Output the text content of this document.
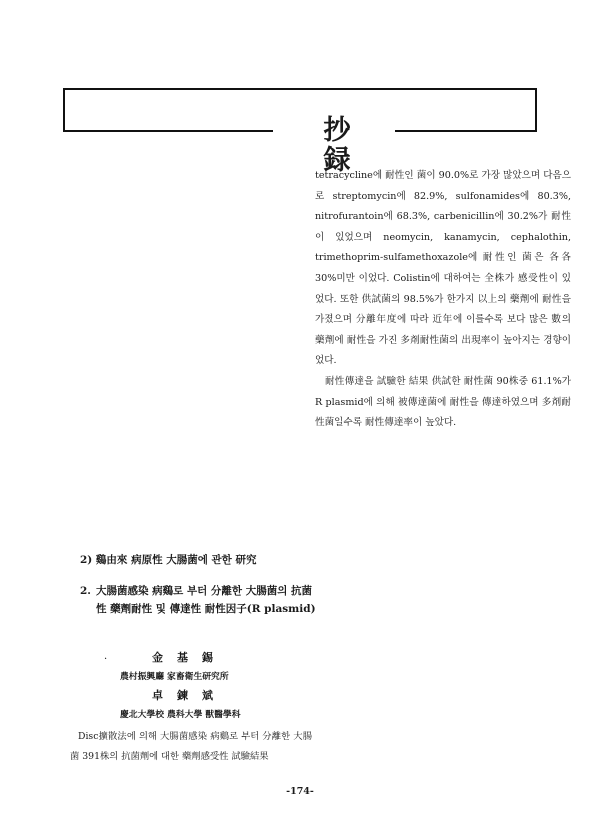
抄 録

tetracycline에 耐性인 菌이 90.0%로 가장 많았으며 다음으로 streptomycin에 82.9%, sulfonamides에 80.3%, nitrofurantoin에 68.3%, carbenicillin에 30.2%가 耐性이 있었으며 neomycin, kanamycin, cephalothin, trimethoprim-sulfamethoxazole에 耐性인 菌은 各各 30%미만 이었다. Colistin에 대하여는 全株가 感受性이 있었다. 또한 供試菌의 98.5%가 한가지 以上의 藥劑에 耐性을 가졌으며 分離年度에 따라 近年에 이를수록 보다 많은 數의 藥劑에 耐性을 가진 多剤耐性菌의 出現率이 높아지는 경향이었다.

耐性傳達을 試驗한 結果 供試한 耐性菌 90株중 61.1%가 R plasmid에 의해 被傳達菌에 耐性을 傳達하였으며 多剤耐性菌일수록 耐性傳達率이 높았다.

2) 鷄由來 病原性 大腸菌에 관한 研究
2. 大腸菌感染 病鷄로 부터 分離한 大腸菌의 抗菌性 藥劑耐性 및 傳達性 耐性因子(R plasmid)
·	金基錫
農村振興廳 家畜衛生研究所
卓鍊斌
慶北大學校 農科大學 獸醫學科
Disc擴散法에 의해 大腸菌感染 病鷄로 부터 分離한 大腸菌 391株의 抗菌劑에 대한 藥劑感受性 試驗結果
-174-
